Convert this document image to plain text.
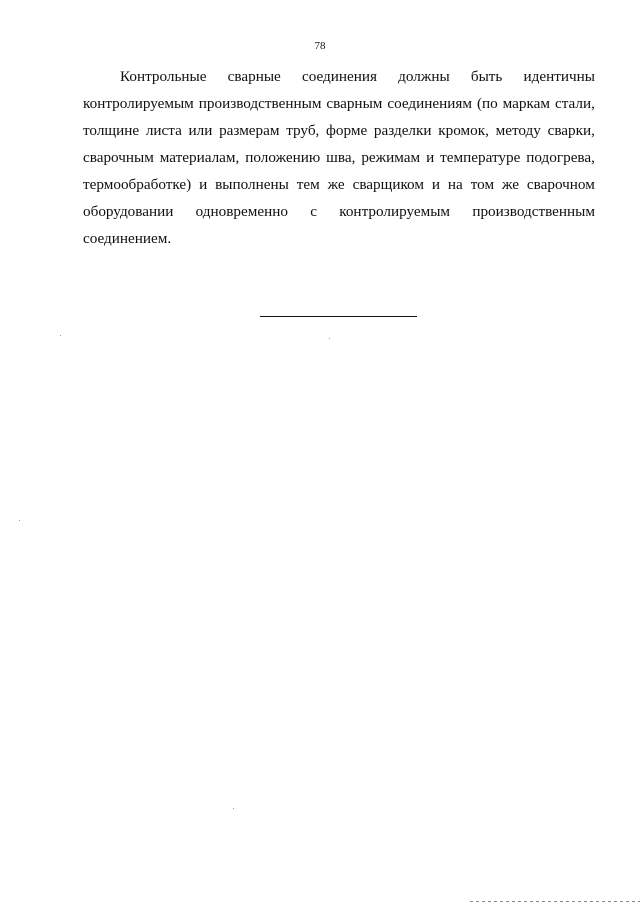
78
Контрольные сварные соединения должны быть идентичны
контролируемым производственным сварным соединениям (по маркам стали,
толщине листа или размерам труб, форме разделки кромок, методу сварки,
сварочным материалам, положению шва, режимам и температуре подогрева,
термообработке) и выполнены тем же сварщиком и на том же сварочном
оборудовании одновременно с контролируемым производственным
соединением.
